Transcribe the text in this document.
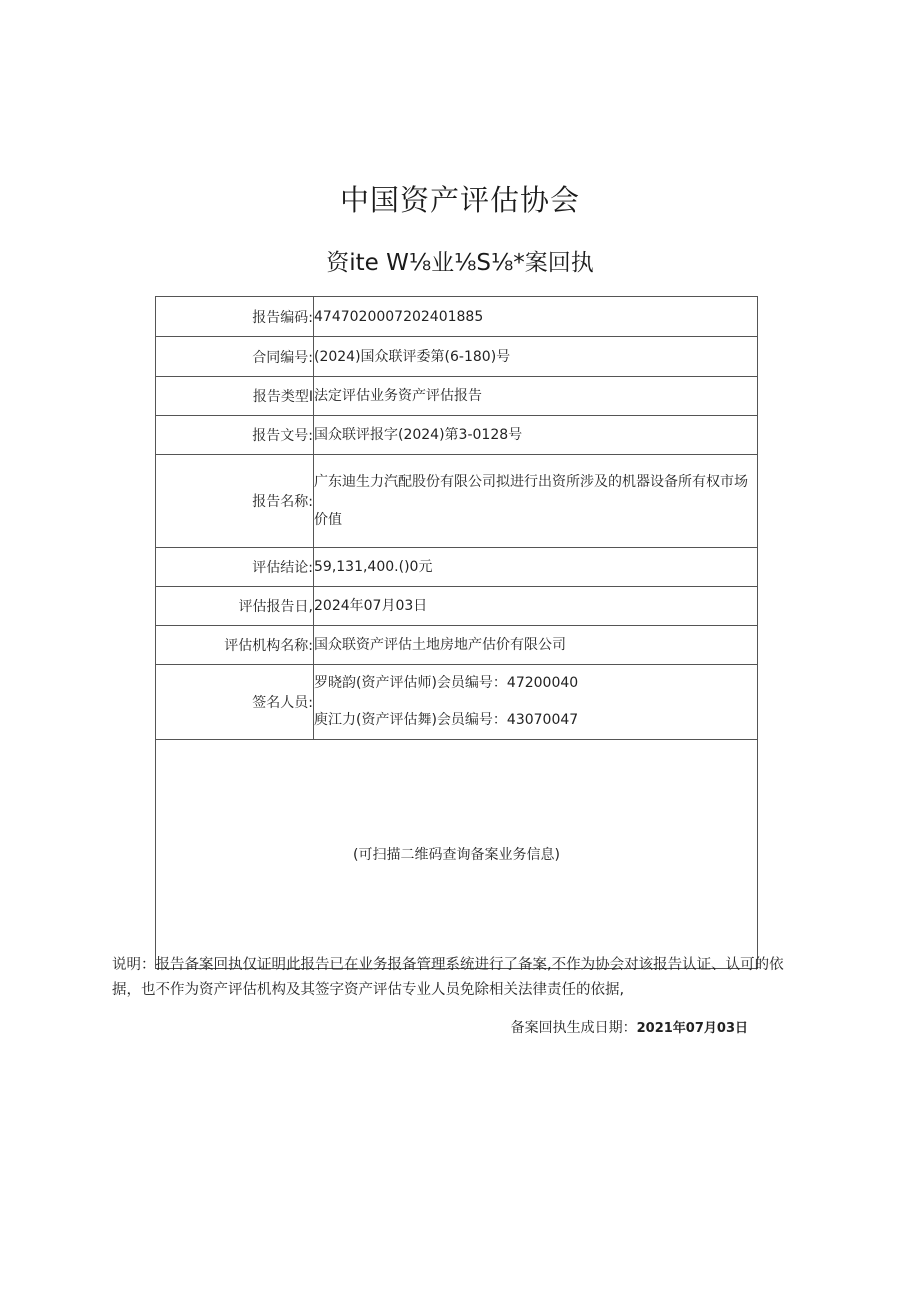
中国资产评估协会
资ite W⅛业⅛S⅛*案回执
报告编码:	4747020007202401885
合同编号:	(2024)国众联评委第(6-180)号
报告类型I	法定评估业务资产评估报告
报告文号:	国众联评报字(2024)第3-0128号
报告名称:	广东迪生力汽配股份有限公司拟进行出资所涉及的机器设备所有权市场价值
评估结论:	59,131,400.()0元
评估报告日,	2024年07月03日
评估机构名称:	国众联资产评估土地房地产估价有限公司
签名人员:	罗晓韵(资产评估师)会员编号：47200040
庾江力(资产评估舞)会员编号：43070047

(可扫描二维码查询备案业务信息)	
说明：报告备案回执仅证明此报告已在业务报备管理系统进行了备案,不作为协会对该报告认证、认可的依据，也不作为资产评估机构及其签字资产评估专业人员免除相关法律责任的依据,
备案回执生成日期：2021年07月03日
